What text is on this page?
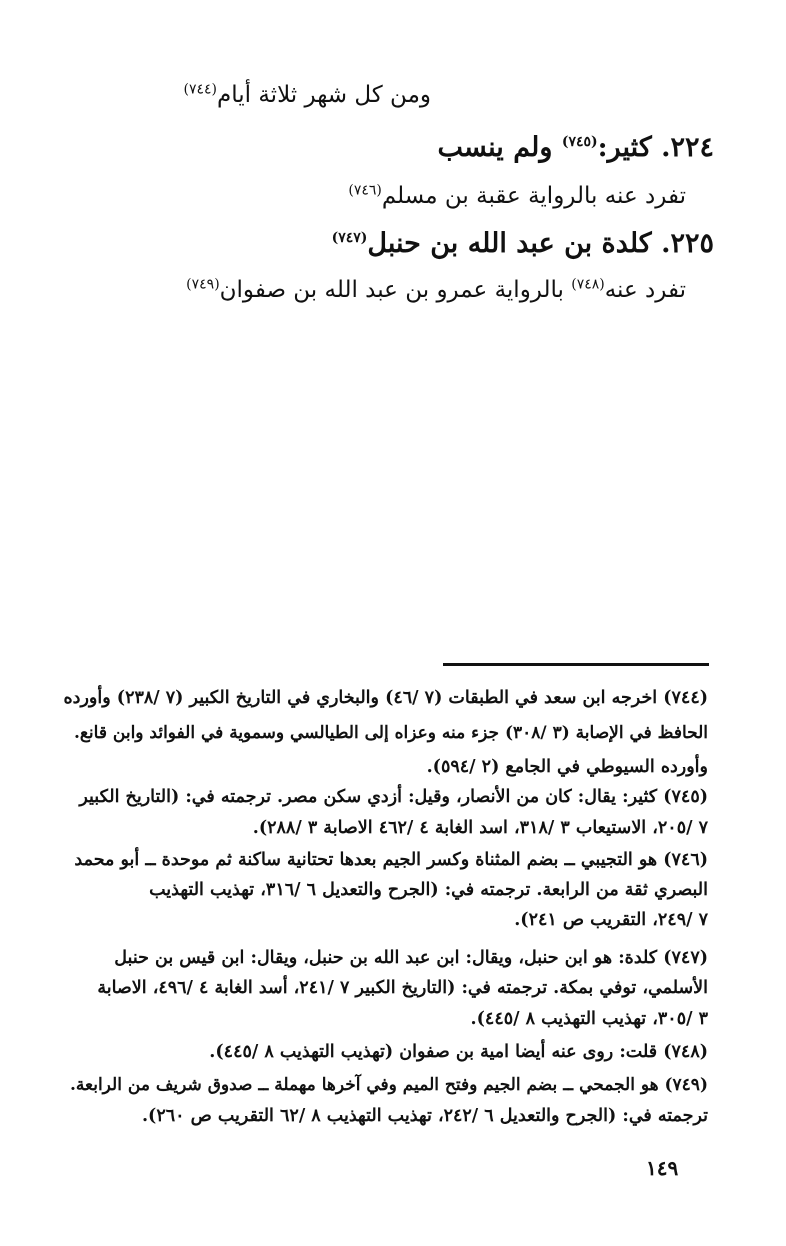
ومن كل شهر ثلاثة أيام$^{(٧٤٤)}$
٢٢٤. كثير:$^{(٧٤٥)}$ ولم ينسب
تفرد عنه بالرواية عقبة بن مسلم$^{(٧٤٦)}$
٢٢٥. كلدة بن عبد الله بن حنبل$^{(٧٤٧)}$
تفرد عنه$^{(٧٤٨)}$ بالرواية عمرو بن عبد الله بن صفوان$^{(٧٤٩)}$
(٧٤٤) اخرجه ابن سعد في الطبقات (٧ /٤٦) والبخاري في التاريخ الكبير (٧ /٢٣٨) وأورده
الحافظ في الإصابة (٣ /٣٠٨) جزء منه وعزاه إلى الطيالسي وسموية في الفوائد وابن قانع.
وأورده السيوطي في الجامع (٢ /٥٩٤).
(٧٤٥) كثير: يقال: كان من الأنصار، وقيل: أزدي سكن مصر. ترجمته في: (التاريخ الكبير
٧ /٢٠٥، الاستيعاب ٣ /٣١٨، اسد الغابة ٤ /٤٦٢ الاصابة ٣ /٢٨٨).
(٧٤٦) هو التجيبي ــ بضم المثناة وكسر الجيم بعدها تحتانية ساكنة ثم موحدة ــ أبو محمد
البصري ثقة من الرابعة. ترجمته في: (الجرح والتعديل ٦ /٣١٦، تهذيب التهذيب
٧ /٢٤٩، التقريب ص ٢٤١).
(٧٤٧) كلدة: هو ابن حنبل، ويقال: ابن عبد الله بن حنبل، ويقال: ابن قيس بن حنبل
الأسلمي، توفي بمكة. ترجمته في: (التاريخ الكبير ٧ /٢٤١، أسد الغابة ٤ /٤٩٦، الاصابة
٣ /٣٠٥، تهذيب التهذيب ٨ /٤٤٥).
(٧٤٨) قلت: روى عنه أيضا امية بن صفوان (تهذيب التهذيب ٨ /٤٤٥).
(٧٤٩) هو الجمحي ــ بضم الجيم وفتح الميم وفي آخرها مهملة ــ صدوق شريف من الرابعة.
ترجمته في: (الجرح والتعديل ٦ /٢٤٢، تهذيب التهذيب ٨ /٦٢ التقريب ص ٢٦٠).
١٤٩
